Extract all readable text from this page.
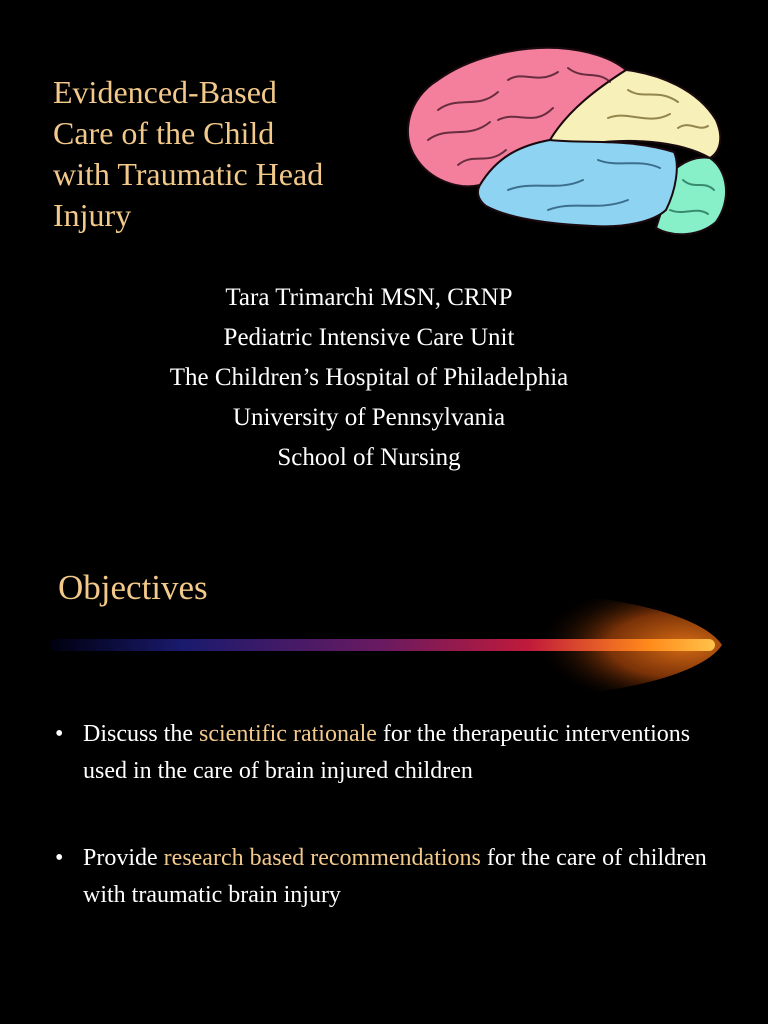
Evidenced-Based
Care of the Child
with Traumatic Head
Injury
Tara Trimarchi MSN, CRNP
Pediatric Intensive Care Unit
The Children’s Hospital of Philadelphia
University of Pennsylvania
School of Nursing
Objectives
• Discuss the scientific rationale for the therapeutic interventions used in the care of brain injured children
• Provide research based recommendations for the care of children with traumatic brain injury
